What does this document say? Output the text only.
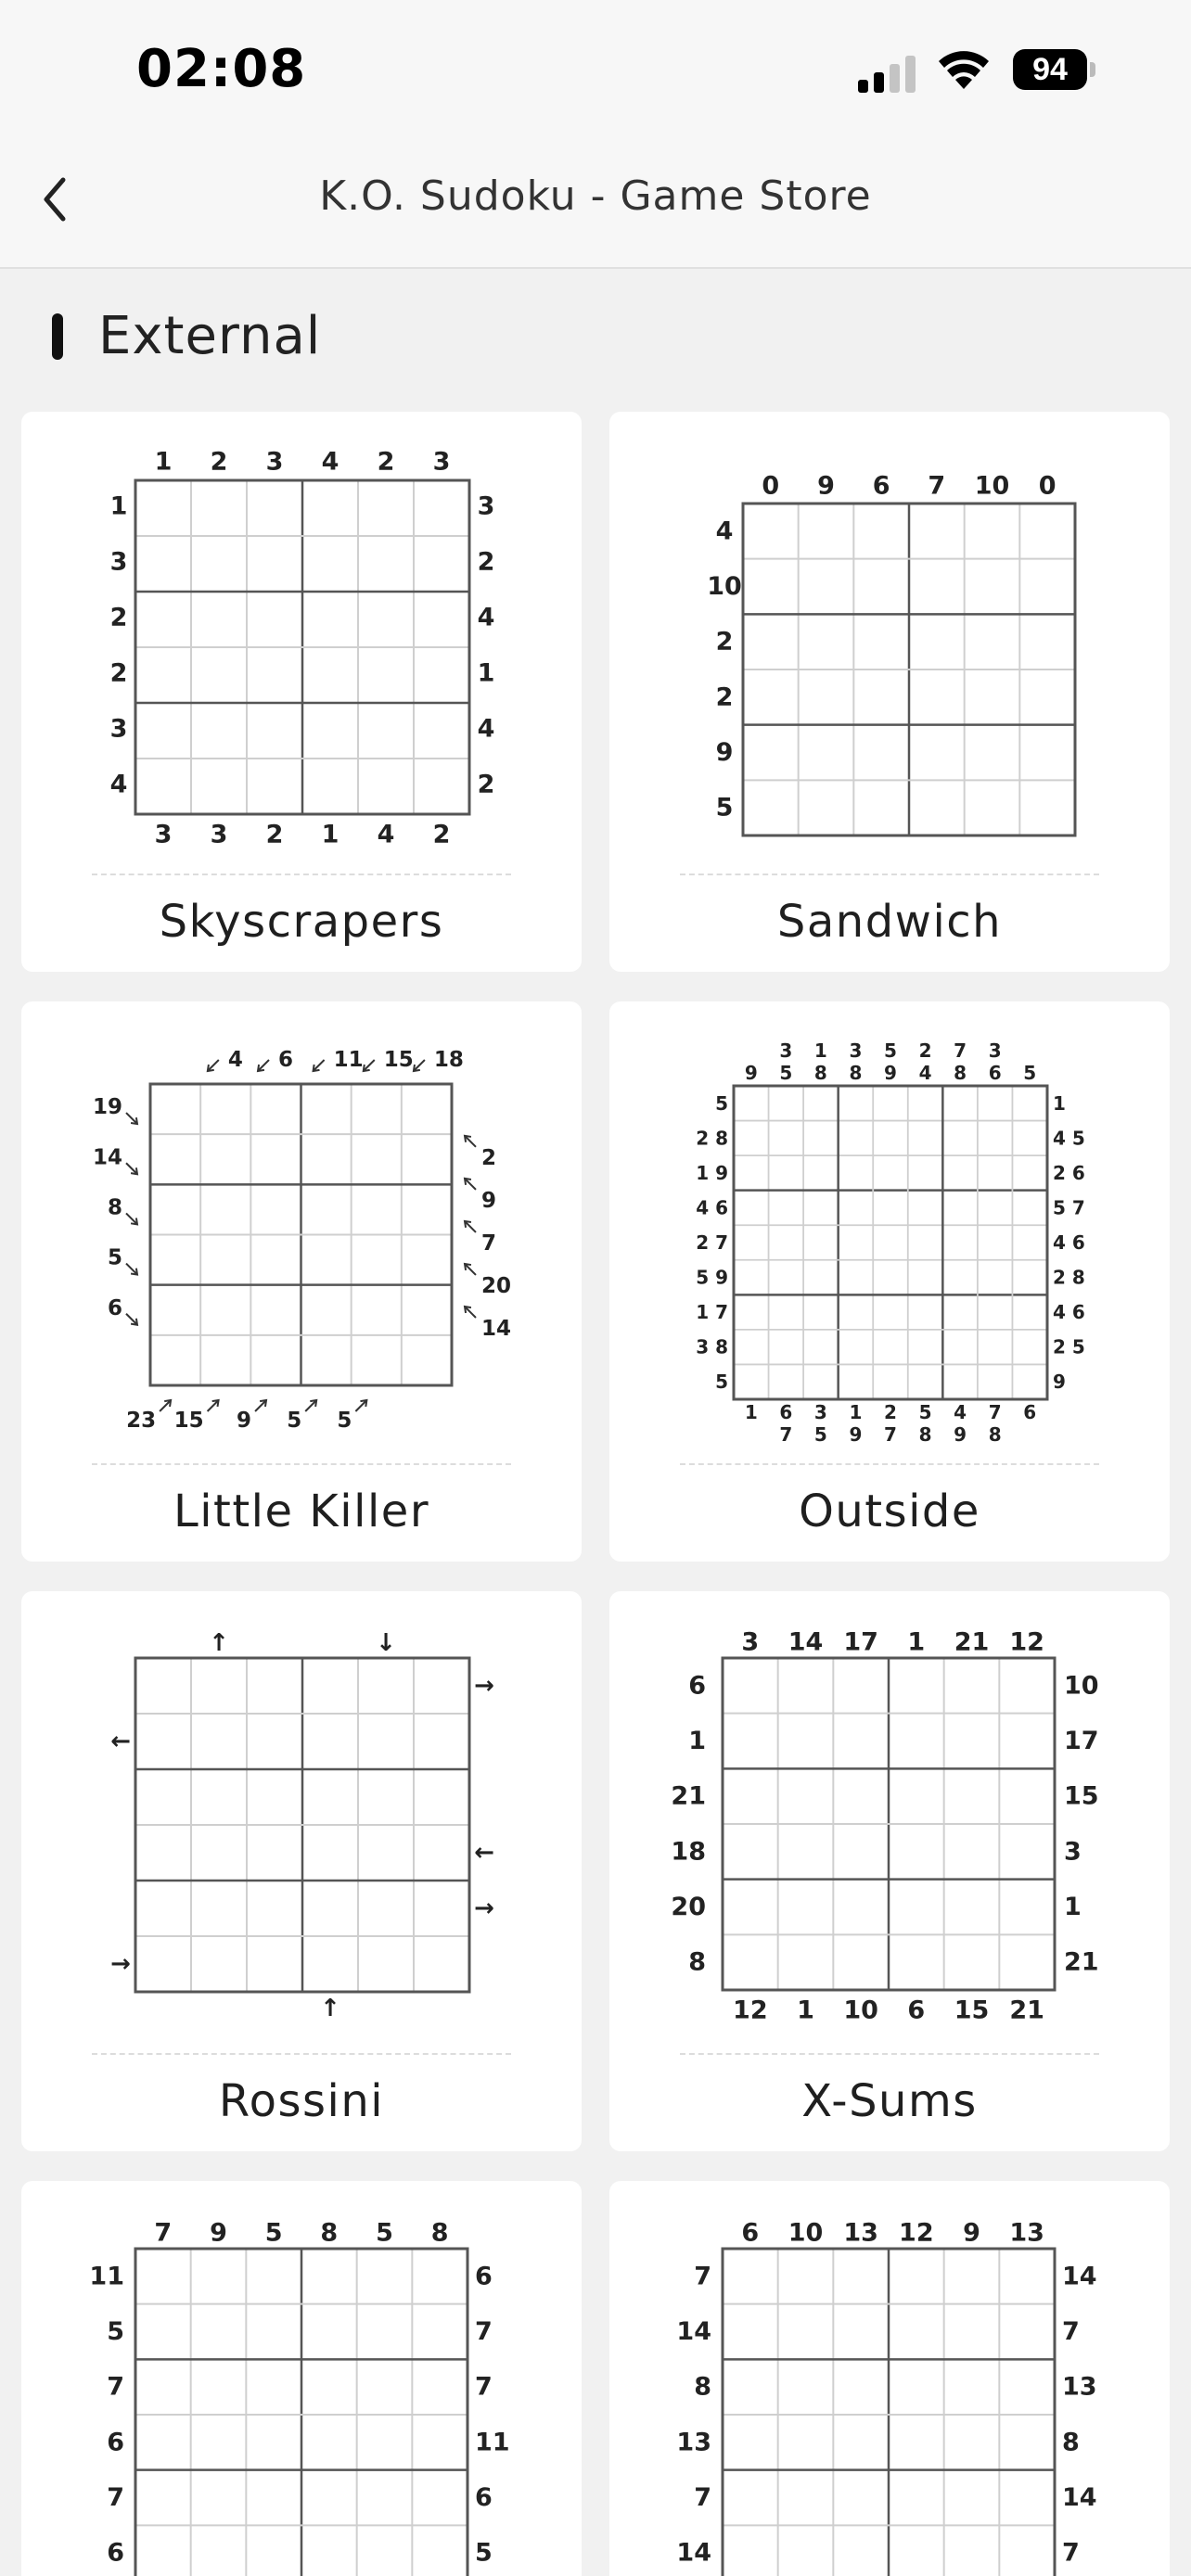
02:08	94
K.O. Sudoku - Game Store
External
1 2 3 4 2 3
3 3 2 1 4 2
1
3
2
2
3
4
3
2
4
1
4
2
Skyscrapers
0 9 6 7 10 0
4
10
2
2
9
5
Sandwich
4 6 11 15 18
19
14
8
5
6
2
9
7
20
14
23 15 9 5 5
Little Killer
9
3
5
1
8
3
8
5
9
2
4
7
8
3
6 5
1 6
7
3
5
1
9
2
7
5
8
4
9
7
8
6
5
2 8
1 9
4 6
2 7
5 9
1 7
3 8
5
1
4 5
2 6
5 7
4 6
2 8
4 6
2 5
9
Outside
↑	↓
→
←
→
←
→
↑
Rossini
3 14 17 1 21 12
12 1 10 6 15 21
6
1
21
18
20
8
10
17
15
3
1
21
X-Sums
7 9 5 8 5 8
11
5
7
6
7
6
6
7
7
11
6
5
6 10 13 12 9 13
7
14
8
13
7
14
14
7
13
8
14
7
